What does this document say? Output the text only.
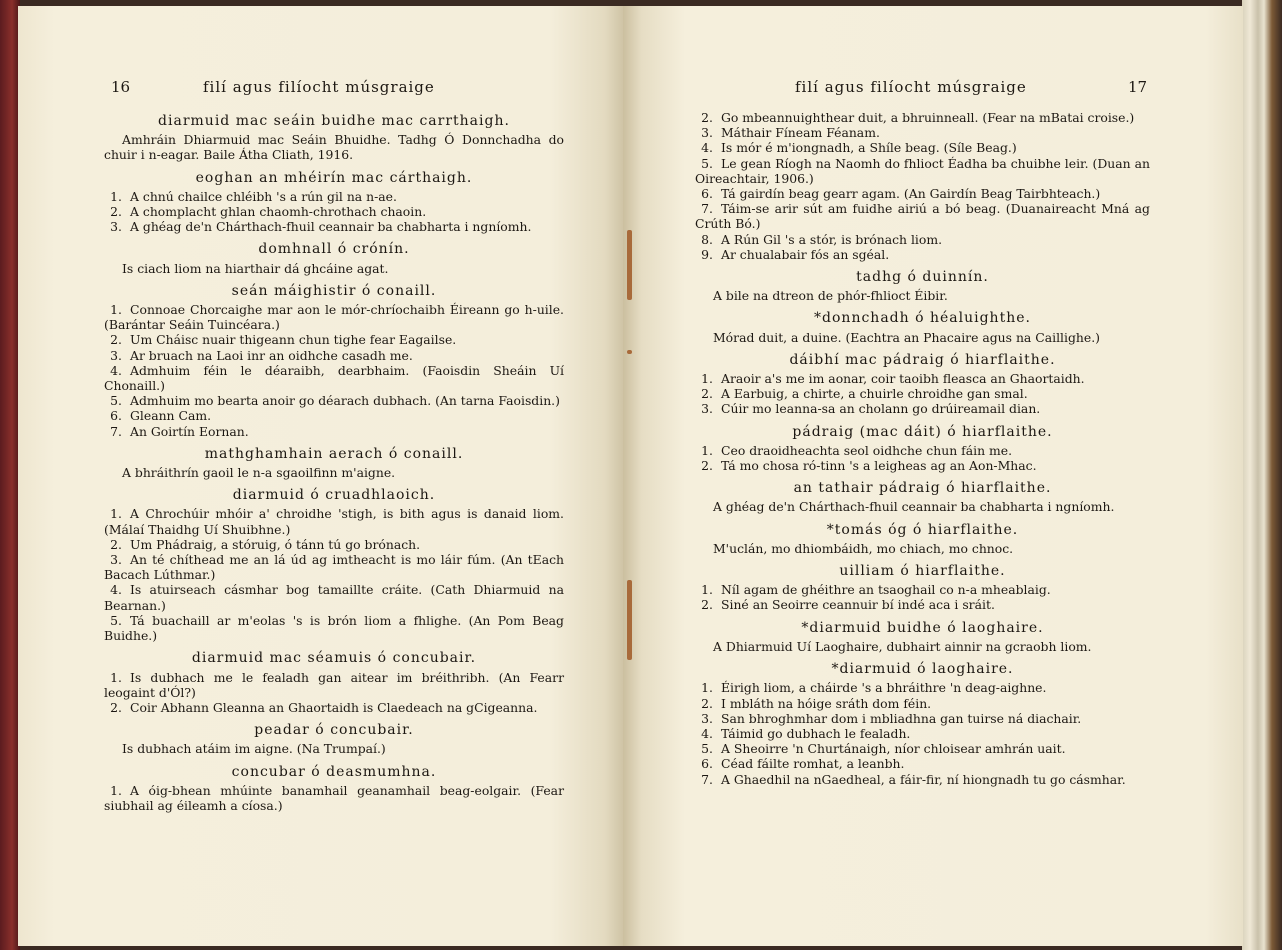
16	filí agus filíocht músgraige
diarmuid mac seáin buidhe mac carrthaigh.

Amhráin Dhiarmuid mac Seáin Bhuidhe. Tadhg Ó Donnchadha do chuir i n-eagar. Baile Átha Cliath, 1916.

eoghan an mhéirín mac cárthaigh.

1. A chnú chailce chléibh 's a rún gil na n-ae.

2. A chomplacht ghlan chaomh-chrothach chaoin.

3. A ghéag de'n Chárthach-fhuil ceannair ba chabharta i ngníomh.

domhnall ó crónín.

Is ciach liom na hiarthair dá ghcáine agat.

seán máighistir ó conaill.

1. Connoae Chorcaighe mar aon le mór-chríochaibh Éireann go h-uile. (Barántar Seáin Tuincéara.)

2. Um Cháisc nuair thigeann chun tighe fear Eagailse.

3. Ar bruach na Laoi inr an oidhche casadh me.

4. Admhuim féin le déaraibh, dearbhaim. (Faoisdin Sheáin Uí Chonaill.)

5. Admhuim mo bearta anoir go déarach dubhach. (An tarna Faoisdin.)

6. Gleann Cam.

7. An Goirtín Eornan.

mathghamhain aerach ó conaill.

A bhráithrín gaoil le n-a sgaoilfinn m'aigne.

diarmuid ó cruadhlaoich.

1. A Chrochúir mhóir a' chroidhe 'stigh, is bith agus is danaid liom. (Málaí Thaidhg Uí Shuibhne.)

2. Um Phádraig, a stóruig, ó tánn tú go brónach.

3. An té chíthead me an lá úd ag imtheacht is mo láir fúm. (An tEach Bacach Lúthmar.)

4. Is atuirseach cásmhar bog tamaillte cráite. (Cath Dhiarmuid na Bearnan.)

5. Tá buachaill ar m'eolas 's is brón liom a fhlighe. (An Pom Beag Buidhe.)

diarmuid mac séamuis ó concubair.

1. Is dubhach me le fealadh gan aitear im bréithribh. (An Fearr leogaint d'Ól?)

2. Coir Abhann Gleanna an Ghaortaidh is Claedeach na gCigeanna.

peadar ó concubair.

Is dubhach atáim im aigne. (Na Trumpaí.)

concubar ó deasmumhna.

1. A óig-bhean mhúinte banamhail geanamhail beag-eolgair. (Fear siubhail ag éileamh a cíosa.)

filí agus filíocht músgraige	17

2. Go mbeannuighthear duit, a bhruinneall. (Fear na mBatai croise.)

3. Máthair Fíneam Féanam.

4. Is mór é m'iongnadh, a Shíle beag. (Síle Beag.)

5. Le gean Ríogh na Naomh do fhlioct Éadha ba chuibhe leir. (Duan an Oireachtair, 1906.)

6. Tá gairdín beag gearr agam. (An Gairdín Beag Tairbhteach.)

7. Táim-se arir sút am fuidhe airiú a bó beag. (Duanaireacht Mná ag Crúth Bó.)

8. A Rún Gil 's a stór, is brónach liom.

9. Ar chualabair fós an sgéal.

tadhg ó duinnín.

A bile na dtreon de phór-fhlioct Éibir.

*donnchadh ó héaluighthe.

Mórad duit, a duine. (Eachtra an Phacaire agus na Caillighe.)

dáibhí mac pádraig ó hiarflaithe.

1. Araoir a's me im aonar, coir taoibh fleasca an Ghaortaidh.

2. A Earbuig, a chirte, a chuirle chroidhe gan smal.

3. Cúir mo leanna-sa an cholann go drúireamail dian.

pádraig (mac dáit) ó hiarflaithe.

1. Ceo draoidheachta seol oidhche chun fáin me.

2. Tá mo chosa ró-tinn 's a leigheas ag an Aon-Mhac.

an tathair pádraig ó hiarflaithe.

A ghéag de'n Chárthach-fhuil ceannair ba chabharta i ngníomh.

*tomás óg ó hiarflaithe.

M'uclán, mo dhiombáidh, mo chiach, mo chnoc.

uilliam ó hiarflaithe.

1. Níl agam de ghéithre an tsaoghail co n-a mheablaig.

2. Siné an Seoirre ceannuir bí indé aca i sráit.

*diarmuid buidhe ó laoghaire.

A Dhiarmuid Uí Laoghaire, dubhairt ainnir na gcraobh liom.

*diarmuid ó laoghaire.

1. Éirigh liom, a cháirde 's a bhráithre 'n deag-aighne.

2. I mbláth na hóige sráth dom féin.

3. San bhroghmhar dom i mbliadhna gan tuirse ná diachair.

4. Táimid go dubhach le fealadh.

5. A Sheoirre 'n Churtánaigh, níor chloisear amhrán uait.

6. Céad fáilte romhat, a leanbh.

7. A Ghaedhil na nGaedheal, a fáir-fir, ní hiongnadh tu go cásmhar.
